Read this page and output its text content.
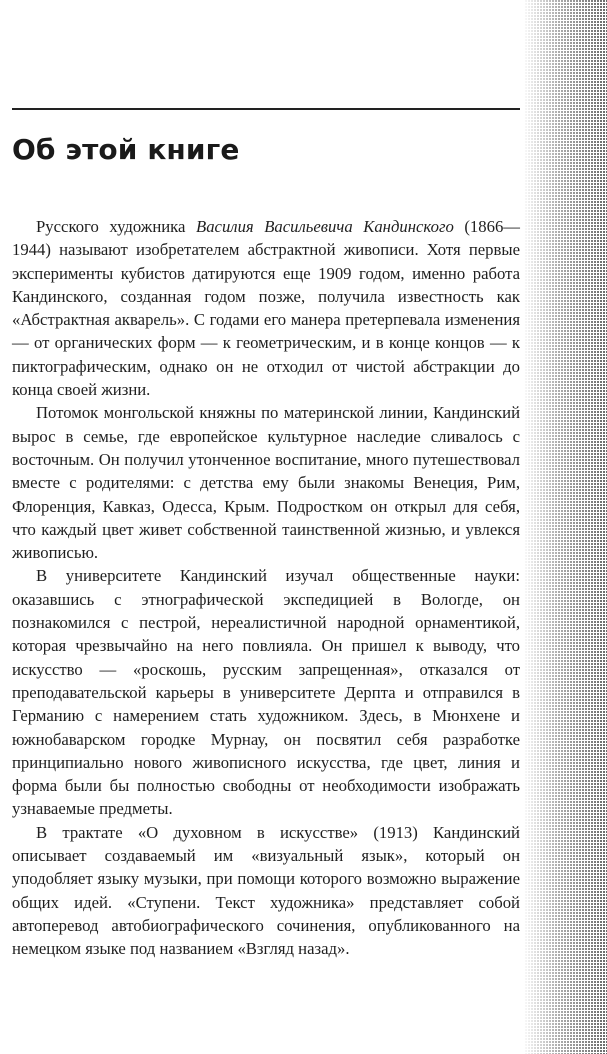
Об этой книге

Русского художника Василия Васильевича Кандинского (1866—1944) называют изобретателем абстрактной живописи. Хотя первые эксперименты кубистов датируются еще 1909 годом, именно работа Кандинского, созданная годом позже, получила известность как «Абстрактная акварель». С годами его манера претерпевала изменения — от органических форм — к геометрическим, и в конце концов — к пиктографическим, однако он не отходил от чистой абстракции до конца своей жизни.

Потомок монгольской княжны по материнской линии, Кандинский вырос в семье, где европейское культурное наследие сливалось с восточным. Он получил утонченное воспитание, много путешествовал вместе с родителями: с детства ему были знакомы Венеция, Рим, Флоренция, Кавказ, Одесса, Крым. Подростком он открыл для себя, что каждый цвет живет собственной таинственной жизнью, и увлекся живописью.

В университете Кандинский изучал общественные науки: оказавшись с этнографической экспедицией в Вологде, он познакомился с пестрой, нереалистичной народной орнаментикой, которая чрезвычайно на него повлияла. Он пришел к выводу, что искусство — «роскошь, русским запрещенная», отказался от преподавательской карьеры в университете Дерпта и отправился в Германию с намерением стать художником. Здесь, в Мюнхене и южнобаварском городке Мурнау, он посвятил себя разработке принципиально нового живописного искусства, где цвет, линия и форма были бы полностью свободны от необходимости изображать узнаваемые предметы.

В трактате «О духовном в искусстве» (1913) Кандинский описывает создаваемый им «визуальный язык», который он уподобляет языку музыки, при помощи которого возможно выражение общих идей. «Ступени. Текст художника» представляет собой автоперевод автобиографического сочинения, опубликованного на немецком языке под названием «Взгляд назад».
